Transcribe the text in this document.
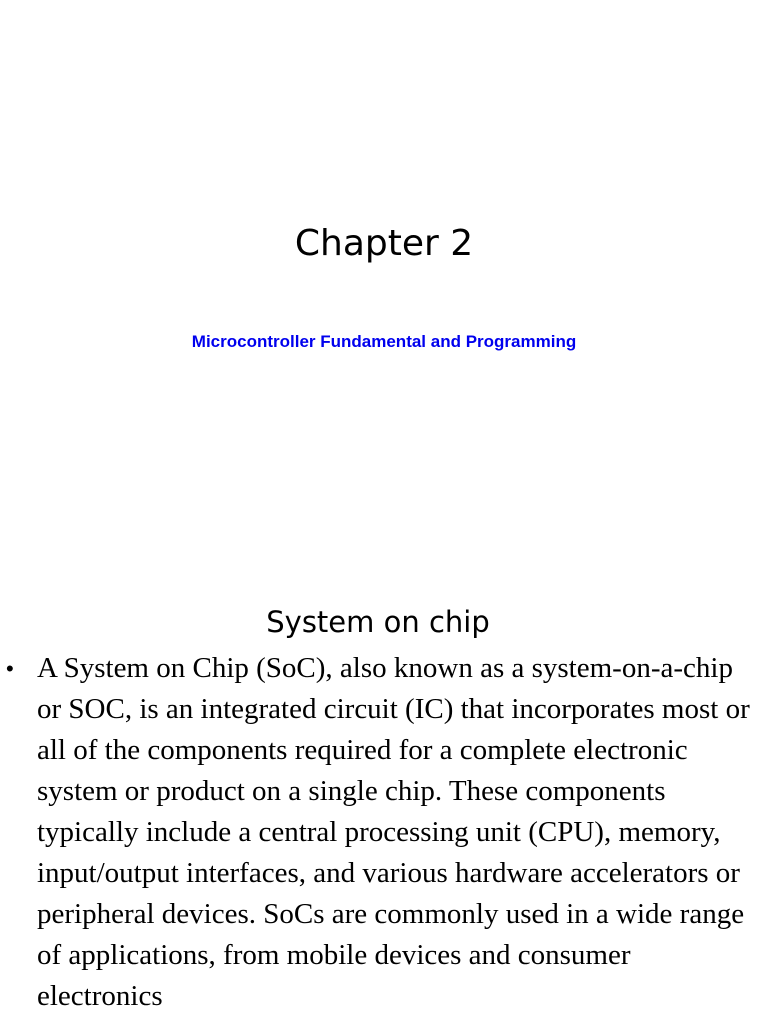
Chapter 2

Microcontroller Fundamental and Programming

System on chip
• A System on Chip (SoC), also known as a system-on-a-chip or SOC, is an integrated circuit (IC) that incorporates most or all of the components required for a complete electronic system or product on a single chip. These components typically include a central processing unit (CPU), memory, input/output interfaces, and various hardware accelerators or peripheral devices. SoCs are commonly used in a wide range of applications, from mobile devices and consumer electronics
